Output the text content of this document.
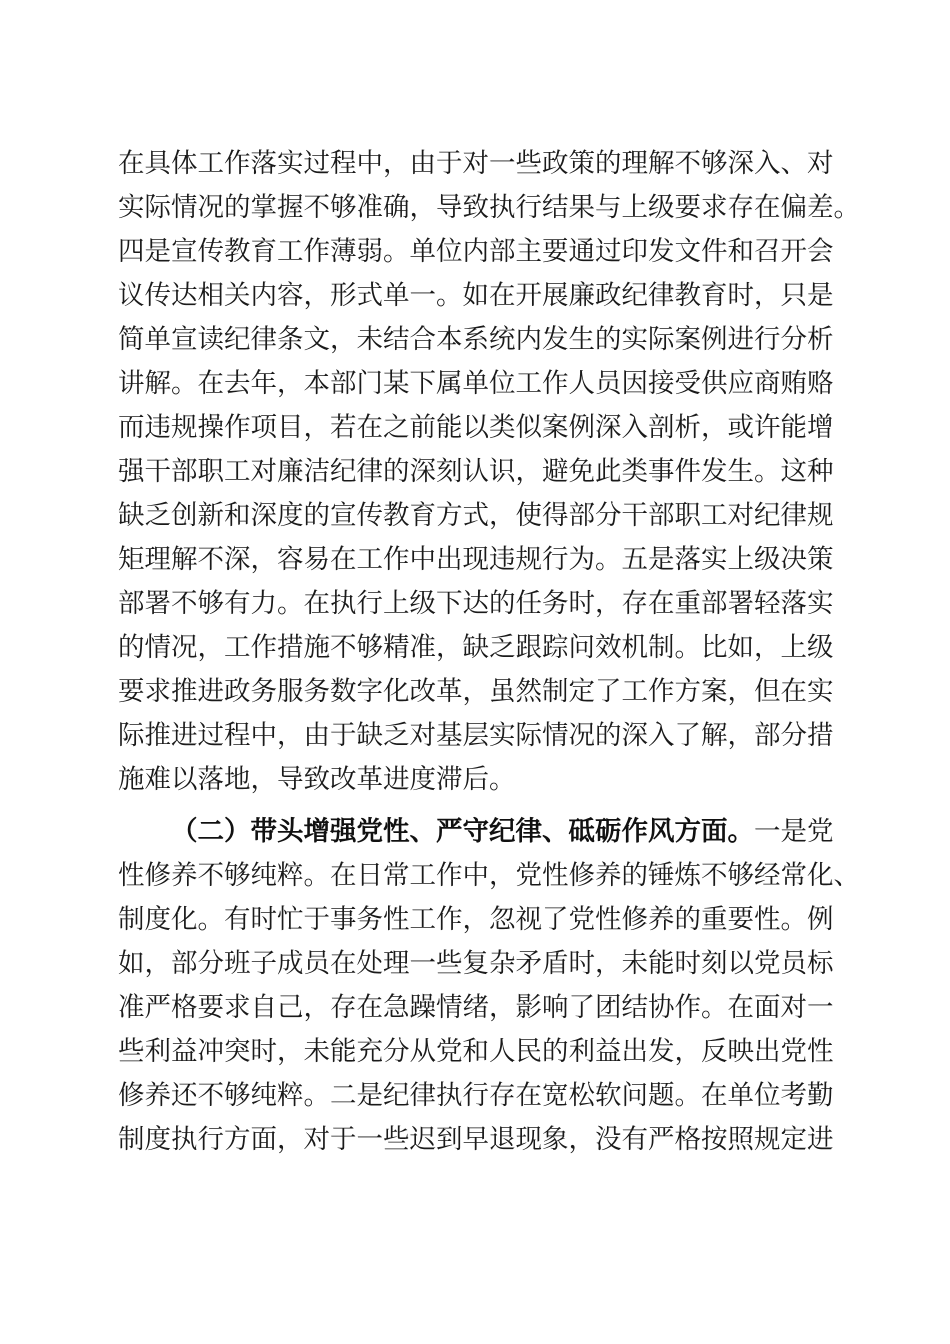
在具体工作落实过程中，由于对一些政策的理解不够深入、对
实际情况的掌握不够准确，导致执行结果与上级要求存在偏差。
四是宣传教育工作薄弱。单位内部主要通过印发文件和召开会
议传达相关内容，形式单一。如在开展廉政纪律教育时，只是
简单宣读纪律条文，未结合本系统内发生的实际案例进行分析
讲解。在去年，本部门某下属单位工作人员因接受供应商贿赂
而违规操作项目，若在之前能以类似案例深入剖析，或许能增
强干部职工对廉洁纪律的深刻认识，避免此类事件发生。这种
缺乏创新和深度的宣传教育方式，使得部分干部职工对纪律规
矩理解不深，容易在工作中出现违规行为。五是落实上级决策
部署不够有力。在执行上级下达的任务时，存在重部署轻落实
的情况，工作措施不够精准，缺乏跟踪问效机制。比如，上级
要求推进政务服务数字化改革，虽然制定了工作方案，但在实
际推进过程中，由于缺乏对基层实际情况的深入了解，部分措
施难以落地，导致改革进度滞后。
（二）带头增强党性、严守纪律、砥砺作风方面。一是党
性修养不够纯粹。在日常工作中，党性修养的锤炼不够经常化、
制度化。有时忙于事务性工作，忽视了党性修养的重要性。例
如，部分班子成员在处理一些复杂矛盾时，未能时刻以党员标
准严格要求自己，存在急躁情绪，影响了团结协作。在面对一
些利益冲突时，未能充分从党和人民的利益出发，反映出党性
修养还不够纯粹。二是纪律执行存在宽松软问题。在单位考勤
制度执行方面，对于一些迟到早退现象，没有严格按照规定进
